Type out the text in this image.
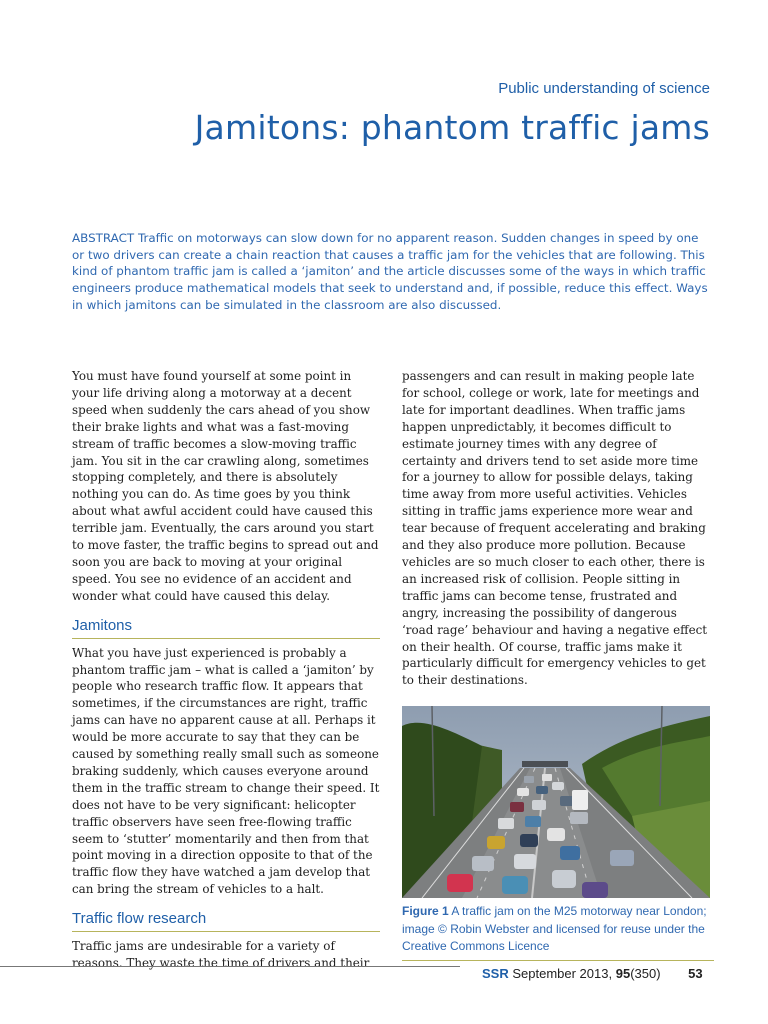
Public understanding of science
Jamitons: phantom traffic jams
ABSTRACT Traffic on motorways can slow down for no apparent reason. Sudden changes in speed by one or two drivers can create a chain reaction that causes a traffic jam for the vehicles that are following. This kind of phantom traffic jam is called a ‘jamiton’ and the article discusses some of the ways in which traffic engineers produce mathematical models that seek to understand and, if possible, reduce this effect. Ways in which jamitons can be simulated in the classroom are also discussed.

You must have found yourself at some point in your life driving along a motorway at a decent speed when suddenly the cars ahead of you show their brake lights and what was a fast-moving stream of traffic becomes a slow-moving traffic jam. You sit in the car crawling along, sometimes stopping completely, and there is absolutely nothing you can do. As time goes by you think about what awful accident could have caused this terrible jam. Eventually, the cars around you start to move faster, the traffic begins to spread out and soon you are back to moving at your original speed. You see no evidence of an accident and wonder what could have caused this delay.

Jamitons

What you have just experienced is probably a phantom traffic jam – what is called a ‘jamiton’ by people who research traffic flow. It appears that sometimes, if the circumstances are right, traffic jams can have no apparent cause at all. Perhaps it would be more accurate to say that they can be caused by something really small such as someone braking suddenly, which causes everyone around them in the traffic stream to change their speed. It does not have to be very significant: helicopter traffic observers have seen free-flowing traffic seem to ‘stutter’ momentarily and then from that point moving in a direction opposite to that of the traffic flow they have watched a jam develop that can bring the stream of vehicles to a halt.

Traffic flow research

Traffic jams are undesirable for a variety of reasons. They waste the time of drivers and their

passengers and can result in making people late for school, college or work, late for meetings and late for important deadlines. When traffic jams happen unpredictably, it becomes difficult to estimate journey times with any degree of certainty and drivers tend to set aside more time for a journey to allow for possible delays, taking time away from more useful activities. Vehicles sitting in traffic jams experience more wear and tear because of frequent accelerating and braking and they also produce more pollution. Because vehicles are so much closer to each other, there is an increased risk of collision. People sitting in traffic jams can become tense, frustrated and angry, increasing the possibility of dangerous ‘road rage’ behaviour and having a negative effect on their health. Of course, traffic jams make it particularly difficult for emergency vehicles to get to their destinations.

Figure 1 A traffic jam on the M25 motorway near London; image © Robin Webster and licensed for reuse under the Creative Commons Licence
SSR September 2013, 95(350) 53
